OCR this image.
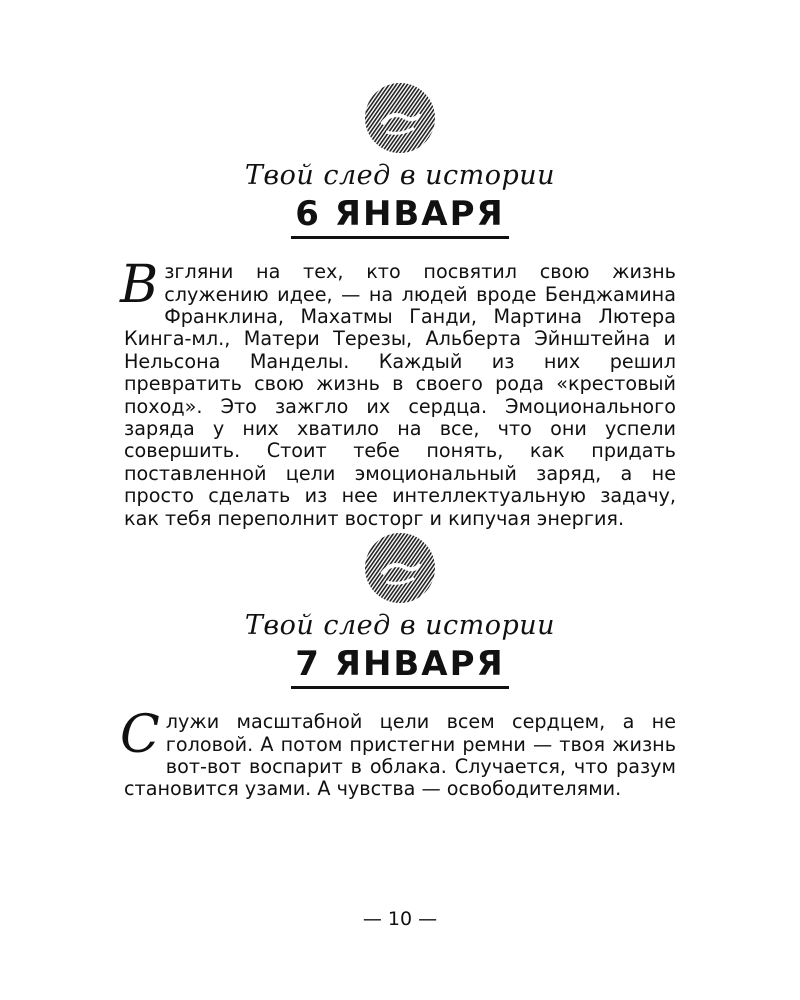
Твой след в истории
6 ЯНВАРЯ
Взгляни на тех, кто посвятил свою жизнь служению идее, — на людей вроде Бенджамина Франклина, Махатмы Ганди, Мартина Лютера Кинга-мл., Матери Терезы, Альберта Эйнштейна и Нельсона Манделы. Каждый из них решил превратить свою жизнь в своего рода «крестовый поход». Это зажгло их сердца. Эмоционального заряда у них хватило на все, что они успели совершить. Стоит тебе понять, как придать поставленной цели эмоциональный заряд, а не просто сделать из нее интеллектуальную задачу, как тебя переполнит восторг и кипучая энергия.
Твой след в истории
7 ЯНВАРЯ
Служи масштабной цели всем сердцем, а не головой. А потом пристегни ремни — твоя жизнь вот-вот воспарит в облака. Случается, что разум становится узами. А чувства — освободителями.
— 10 —
